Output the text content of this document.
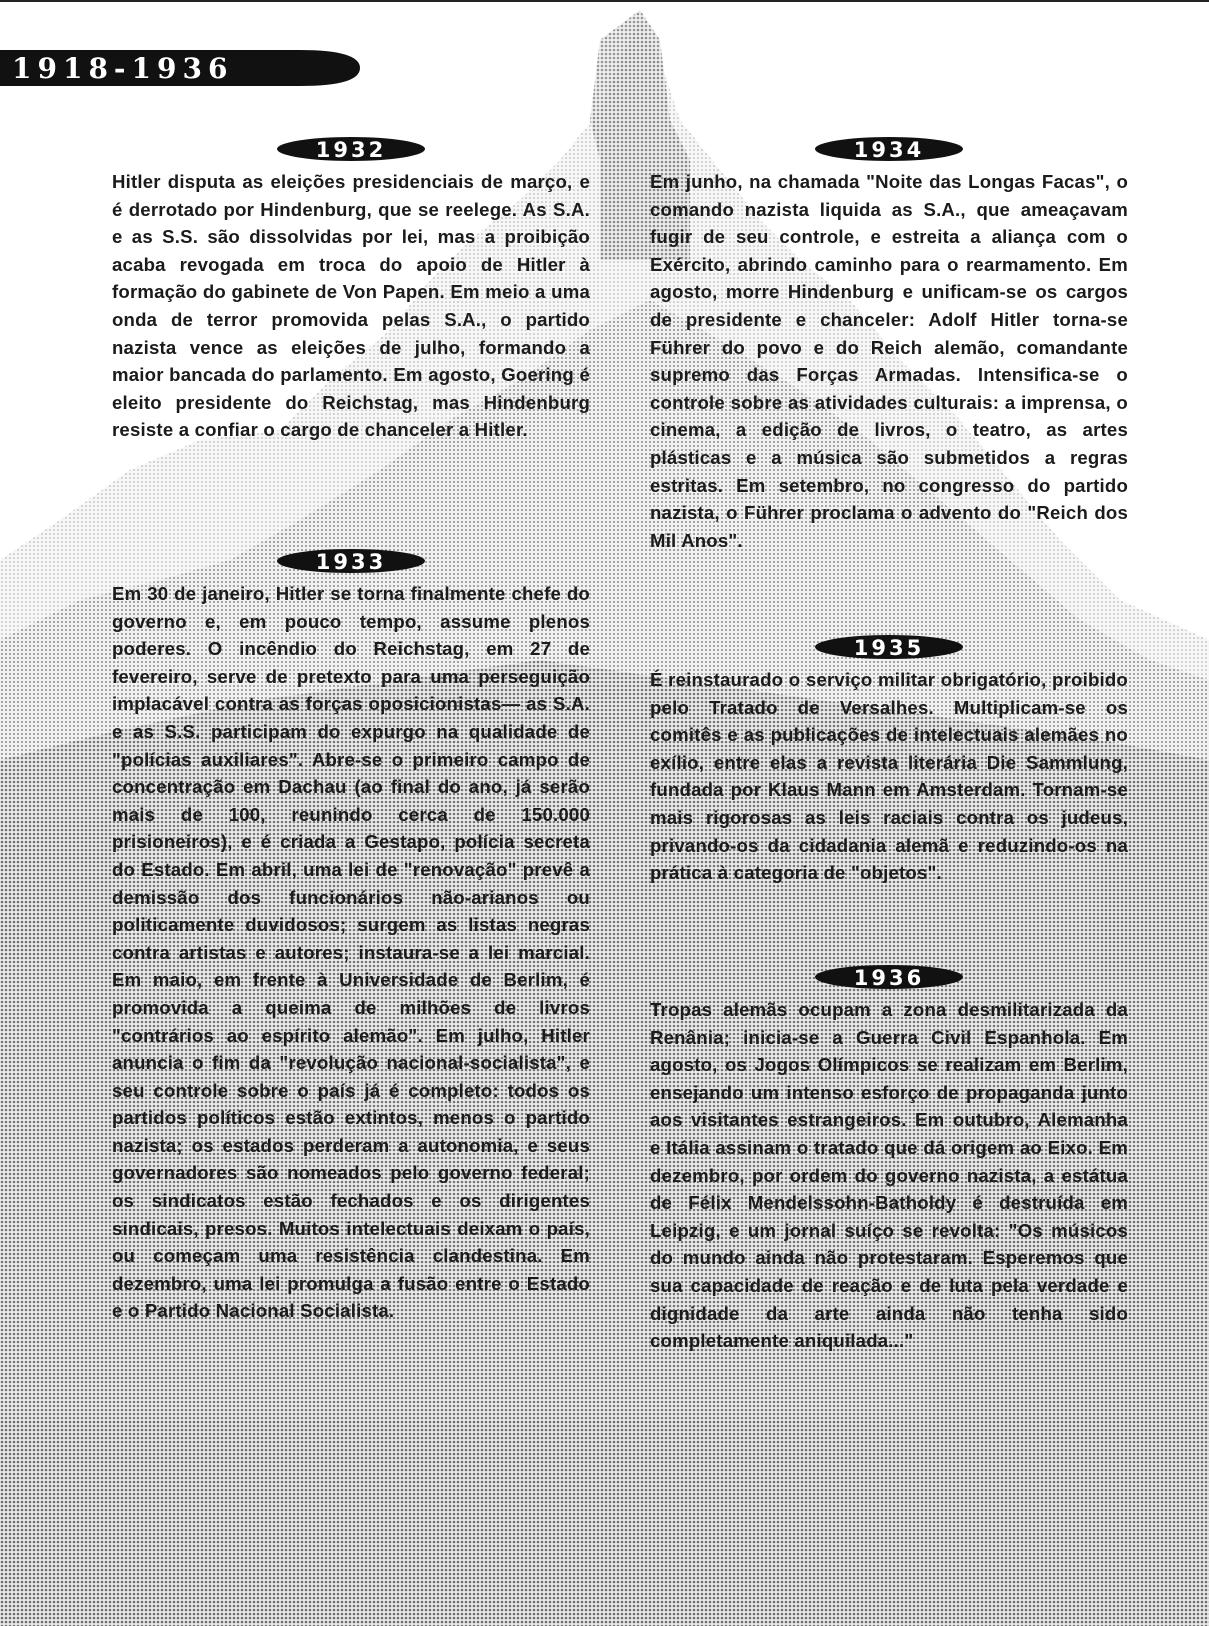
1918-1936
1932

Hitler disputa as eleições presidenciais de março, e é derrotado por Hindenburg, que se reelege. As S.A. e as S.S. são dissolvidas por lei, mas a proibição acaba revogada em troca do apoio de Hitler à formação do gabinete de Von Papen. Em meio a uma onda de terror promovida pelas S.A., o partido nazista vence as eleições de julho, formando a maior bancada do parlamento. Em agosto, Goering é eleito presidente do Reichstag, mas Hindenburg resiste a confiar o cargo de chanceler a Hitler.

1933

Em 30 de janeiro, Hitler se torna finalmente chefe do governo e, em pouco tempo, assume plenos poderes. O incêndio do Reichstag, em 27 de fevereiro, serve de pretexto para uma perseguição implacável contra as forças oposicionistas— as S.A. e as S.S. participam do expurgo na qualidade de "polícias auxiliares". Abre-se o primeiro campo de concentração em Dachau (ao final do ano, já serão mais de 100, reunindo cerca de 150.000 prisioneiros), e é criada a Gestapo, polícia secreta do Estado. Em abril, uma lei de "renovação" prevê a demissão dos funcionários não-arianos ou politicamente duvidosos; surgem as listas negras contra artistas e autores; instaura-se a lei marcial. Em maio, em frente à Universidade de Berlim, é promovida a queima de milhões de livros "contrários ao espírito alemão". Em julho, Hitler anuncia o fim da "revolução nacional-socialista", e seu controle sobre o país já é completo: todos os partidos políticos estão extintos, menos o partido nazista; os estados perderam a autonomia, e seus governadores são nomeados pelo governo federal; os sindicatos estão fechados e os dirigentes sindicais, presos. Muitos intelectuais deixam o país, ou começam uma resistência clandestina. Em dezembro, uma lei promulga a fusão entre o Estado e o Partido Nacional Socialista.

1934

Em junho, na chamada "Noite das Longas Facas", o comando nazista liquida as S.A., que ameaçavam fugir de seu controle, e estreita a aliança com o Exército, abrindo caminho para o rearmamento. Em agosto, morre Hindenburg e unificam-se os cargos de presidente e chanceler: Adolf Hitler torna-se Führer do povo e do Reich alemão, comandante supremo das Forças Armadas. Intensifica-se o controle sobre as atividades culturais: a imprensa, o cinema, a edição de livros, o teatro, as artes plásticas e a música são submetidos a regras estritas. Em setembro, no congresso do partido nazista, o Führer proclama o advento do "Reich dos Mil Anos".

1935

É reinstaurado o serviço militar obrigatório, proibido pelo Tratado de Versalhes. Multiplicam-se os comitês e as publicações de intelectuais alemães no exílio, entre elas a revista literária Die Sammlung, fundada por Klaus Mann em Amsterdam. Tornam-se mais rigorosas as leis raciais contra os judeus, privando-os da cidadania alemã e reduzindo-os na prática à categoria de "objetos".

1936

Tropas alemãs ocupam a zona desmilitarizada da Renânia; inicia-se a Guerra Civil Espanhola. Em agosto, os Jogos Olímpicos se realizam em Berlim, ensejando um intenso esforço de propaganda junto aos visitantes estrangeiros. Em outubro, Alemanha e Itália assinam o tratado que dá origem ao Eixo. Em dezembro, por ordem do governo nazista, a estátua de Félix Mendelssohn-Batholdy é destruída em Leipzig, e um jornal suíço se revolta: "Os músicos do mundo ainda não protestaram. Esperemos que sua capacidade de reação e de luta pela verdade e dignidade da arte ainda não tenha sido completamente aniquilada..."
